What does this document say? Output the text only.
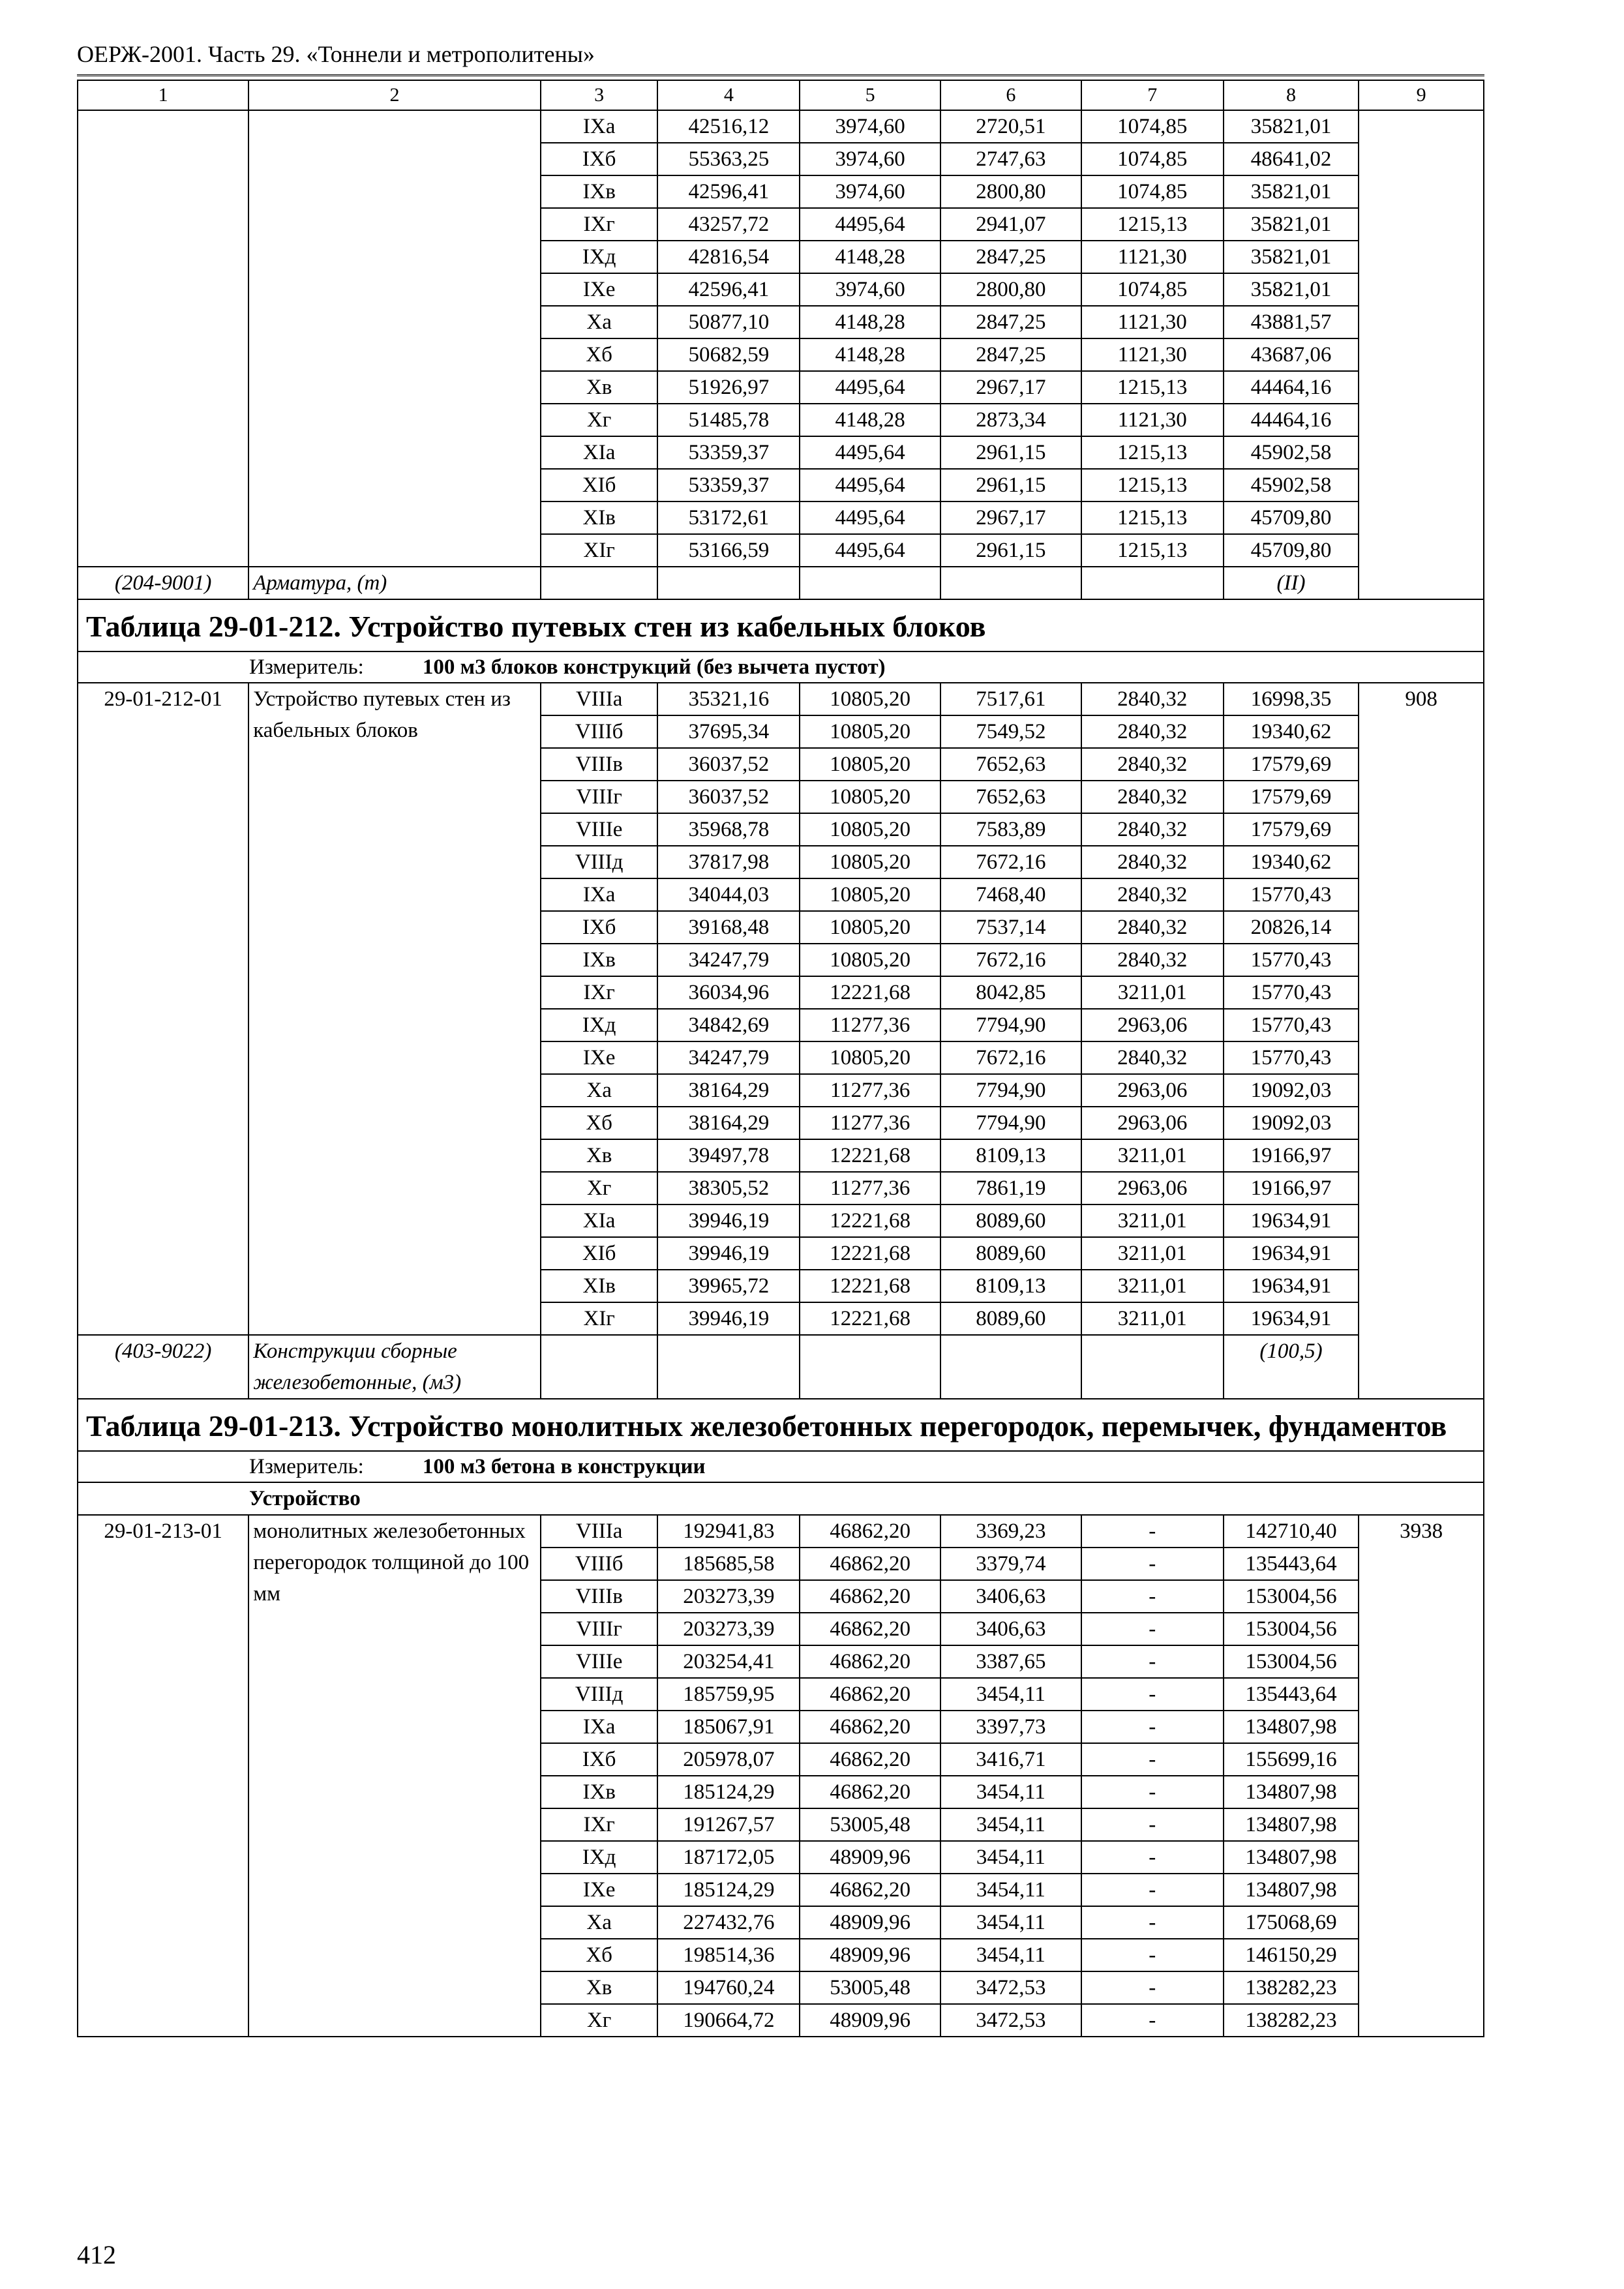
ОЕРЖ-2001. Часть 29. «Тоннели и метрополитены»
1	2	3	4	5	6	7	8	9
		IXа	42516,12	3974,60	2720,51	1074,85	35821,01	
		IXб	55363,25	3974,60	2747,63	1074,85	48641,02	
		IXв	42596,41	3974,60	2800,80	1074,85	35821,01	
		IXг	43257,72	4495,64	2941,07	1215,13	35821,01	
		IXд	42816,54	4148,28	2847,25	1121,30	35821,01	
		IXе	42596,41	3974,60	2800,80	1074,85	35821,01	
		Xа	50877,10	4148,28	2847,25	1121,30	43881,57	
		Xб	50682,59	4148,28	2847,25	1121,30	43687,06	
		Xв	51926,97	4495,64	2967,17	1215,13	44464,16	
		Xг	51485,78	4148,28	2873,34	1121,30	44464,16	
		XIа	53359,37	4495,64	2961,15	1215,13	45902,58	
		XIб	53359,37	4495,64	2961,15	1215,13	45902,58	
		XIв	53172,61	4495,64	2967,17	1215,13	45709,80	
		XIг	53166,59	4495,64	2961,15	1215,13	45709,80	
(204-9001)	Арматура, (т)						(II)	
Таблица 29-01-212. Устройство путевых стен из кабельных блоков								
Измеритель: 100 м3 блоков конструкций (без вычета пустот)								
29-01-212-01	Устройство путевых стен из кабельных блоков	VIIIа	35321,16	10805,20	7517,61	2840,32	16998,35	908
		VIIIб	37695,34	10805,20	7549,52	2840,32	19340,62	
		VIIIв	36037,52	10805,20	7652,63	2840,32	17579,69	
		VIIIг	36037,52	10805,20	7652,63	2840,32	17579,69	
		VIIIе	35968,78	10805,20	7583,89	2840,32	17579,69	
		VIIIд	37817,98	10805,20	7672,16	2840,32	19340,62	
		IXа	34044,03	10805,20	7468,40	2840,32	15770,43	
		IXб	39168,48	10805,20	7537,14	2840,32	20826,14	
		IXв	34247,79	10805,20	7672,16	2840,32	15770,43	
		IXг	36034,96	12221,68	8042,85	3211,01	15770,43	
		IXд	34842,69	11277,36	7794,90	2963,06	15770,43	
		IXе	34247,79	10805,20	7672,16	2840,32	15770,43	
		Xа	38164,29	11277,36	7794,90	2963,06	19092,03	
		Xб	38164,29	11277,36	7794,90	2963,06	19092,03	
		Xв	39497,78	12221,68	8109,13	3211,01	19166,97	
		Xг	38305,52	11277,36	7861,19	2963,06	19166,97	
		XIа	39946,19	12221,68	8089,60	3211,01	19634,91	
		XIб	39946,19	12221,68	8089,60	3211,01	19634,91	
		XIв	39965,72	12221,68	8109,13	3211,01	19634,91	
		XIг	39946,19	12221,68	8089,60	3211,01	19634,91	
(403-9022)	Конструкции сборные железобетонные, (м3)						(100,5)	
Таблица 29-01-213. Устройство монолитных железобетонных перегородок, перемычек, фундаментов								
Измеритель: 100 м3 бетона в конструкции								
Устройство								
29-01-213-01	монолитных железобетонных перегородок толщиной до 100 мм	VIIIа	192941,83	46862,20	3369,23	-	142710,40	3938
		VIIIб	185685,58	46862,20	3379,74	-	135443,64	
		VIIIв	203273,39	46862,20	3406,63	-	153004,56	
		VIIIг	203273,39	46862,20	3406,63	-	153004,56	
		VIIIе	203254,41	46862,20	3387,65	-	153004,56	
		VIIIд	185759,95	46862,20	3454,11	-	135443,64	
		IXа	185067,91	46862,20	3397,73	-	134807,98	
		IXб	205978,07	46862,20	3416,71	-	155699,16	
		IXв	185124,29	46862,20	3454,11	-	134807,98	
		IXг	191267,57	53005,48	3454,11	-	134807,98	
		IXд	187172,05	48909,96	3454,11	-	134807,98	
		IXе	185124,29	46862,20	3454,11	-	134807,98	
		Xа	227432,76	48909,96	3454,11	-	175068,69	
		Xб	198514,36	48909,96	3454,11	-	146150,29	
		Xв	194760,24	53005,48	3472,53	-	138282,23	
		Xг	190664,72	48909,96	3472,53	-	138282,23	
412
